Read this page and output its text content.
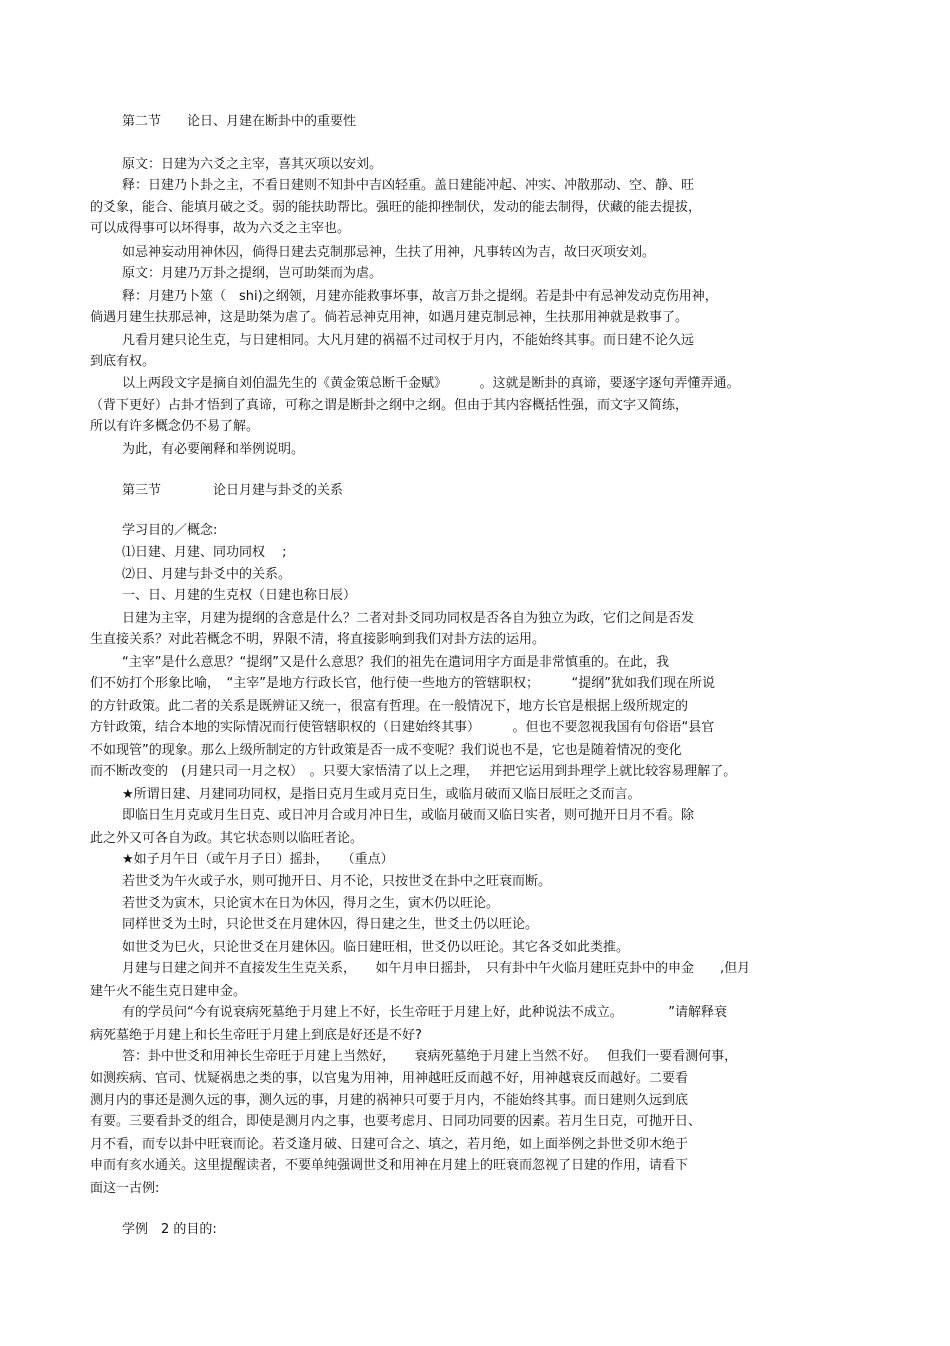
第二节　　论日、月建在断卦中的重要性
原文：日建为六爻之主宰，喜其灭项以安刘。
释：日建乃卜卦之主，不看日建则不知卦中吉凶轻重。盖日建能冲起、冲实、冲散那动、空、静、旺
的爻象，能合、能填月破之爻。弱的能扶助帮比。强旺的能抑挫制伏，发动的能去制得，伏藏的能去提拔，
可以成得事可以坏得事，故为六爻之主宰也。
如忌神妄动用神休囚，倘得日建去克制那忌神，生扶了用神，凡事转凶为吉，故曰灭项安刘。
原文：月建乃万卦之提纲，岂可助桀而为虐。
释：月建乃卜筮（　shi)之纲领，月建亦能救事坏事，故言万卦之提纲。若是卦中有忌神发动克伤用神，
倘遇月建生扶那忌神，这是助桀为虐了。倘若忌神克用神，如遇月建克制忌神，生扶那用神就是救事了。
凡看月建只论生克，与日建相同。大凡月建的祸福不过司权于月内，不能始终其事。而日建不论久远
到底有权。
以上两段文字是摘自刘伯温先生的《黄金策总断千金赋》　　　。这就是断卦的真谛，要逐字逐句弄懂弄通。
（背下更好）占卦才悟到了真谛，可称之谓是断卦之纲中之纲。但由于其内容概括性强，而文字又简练，
所以有许多概念仍不易了解。
为此，有必要阐释和举例说明。
第三节　　　　论日月建与卦爻的关系
学习目的／概念:
⑴日建、月建、同功同权　 ;
⑵日、月建与卦爻中的关系。
一、日、月建的生克权（日建也称日辰）
日建为主宰，月建为提纲的含意是什么？二者对卦爻同功同权是否各自为独立为政，它们之间是否发
生直接关系？对此若概念不明，界限不清，将直接影响到我们对卦方法的运用。
“主宰”是什么意思？“提纲”又是什么意思？我们的祖先在遣词用字方面是非常慎重的。在此，我
们不妨打个形象比喻，　“主宰”是地方行政长官，他行使一些地方的管辖职权；　　　“提纲”犹如我们现在所说
的方针政策。此二者的关系是既辨证又统一，很富有哲理。在一般情况下，地方长官是根据上级所规定的
方针政策，结合本地的实际情况而行使管辖职权的（日建始终其事）　　　。但也不要忽视我国有句俗语“县官
不如现管”的现象。那么上级所制定的方针政策是否一成不变呢？我们说也不是，它也是随着情况的变化
而不断改变的　(月建只司一月之权）　。只要大家悟清了以上之理，　 并把它运用到卦理学上就比较容易理解了。
★所谓日建、月建同功同权，是指日克月生或月克日生，或临月破而又临日辰旺之爻而言。
即临日生月克或月生日克、或日冲月合或月冲日生，或临月破而又临日实者，则可抛开日月不看。除
此之外又可各自为政。其它状态则以临旺者论。
★如子月午日（或午月子日）摇卦，　　（重点）
若世爻为午火或子水，则可抛开日、月不论，只按世爻在卦中之旺衰而断。
若世爻为寅木，只论寅木在日为休囚，得月之生，寅木仍以旺论。
同样世爻为土时，只论世爻在月建休囚，得日建之生，世爻土仍以旺论。
如世爻为巳火，只论世爻在月建休囚。临日建旺相，世爻仍以旺论。其它各爻如此类推。
月建与日建之间并不直接发生生克关系，　　如午月申日摇卦，　只有卦中午火临月建旺克卦中的申金　　,但月
建午火不能生克日建申金。
有的学员问“今有说衰病死墓绝于月建上不好，长生帝旺于月建上好，此种说法不成立。　　　　”请解释衰
病死墓绝于月建上和长生帝旺于月建上到底是好还是不好?
答：卦中世爻和用神长生帝旺于月建上当然好，　　衰病死墓绝于月建上当然不好。　 但我们一要看测何事，
如测疾病、官司、忧疑祸患之类的事，以官鬼为用神，用神越旺反而越不好，用神越衰反而越好。二要看
测月内的事还是测久远的事，测久远的事，月建的祸神只可要于月内，不能始终其事。而日建则久远到底
有要。三要看卦爻的组合，即使是测月内之事，也要考虑月、日同功同要的因素。若月生日克，可抛开日、
月不看，而专以卦中旺衰而论。若爻逢月破、日建可合之、填之，若月绝，如上面举例之卦世爻卯木绝于
申而有亥水通关。这里提醒读者，不要单纯强调世爻和用神在月建上的旺衰而忽视了日建的作用，请看下
面这一古例:
学例　2 的目的:
